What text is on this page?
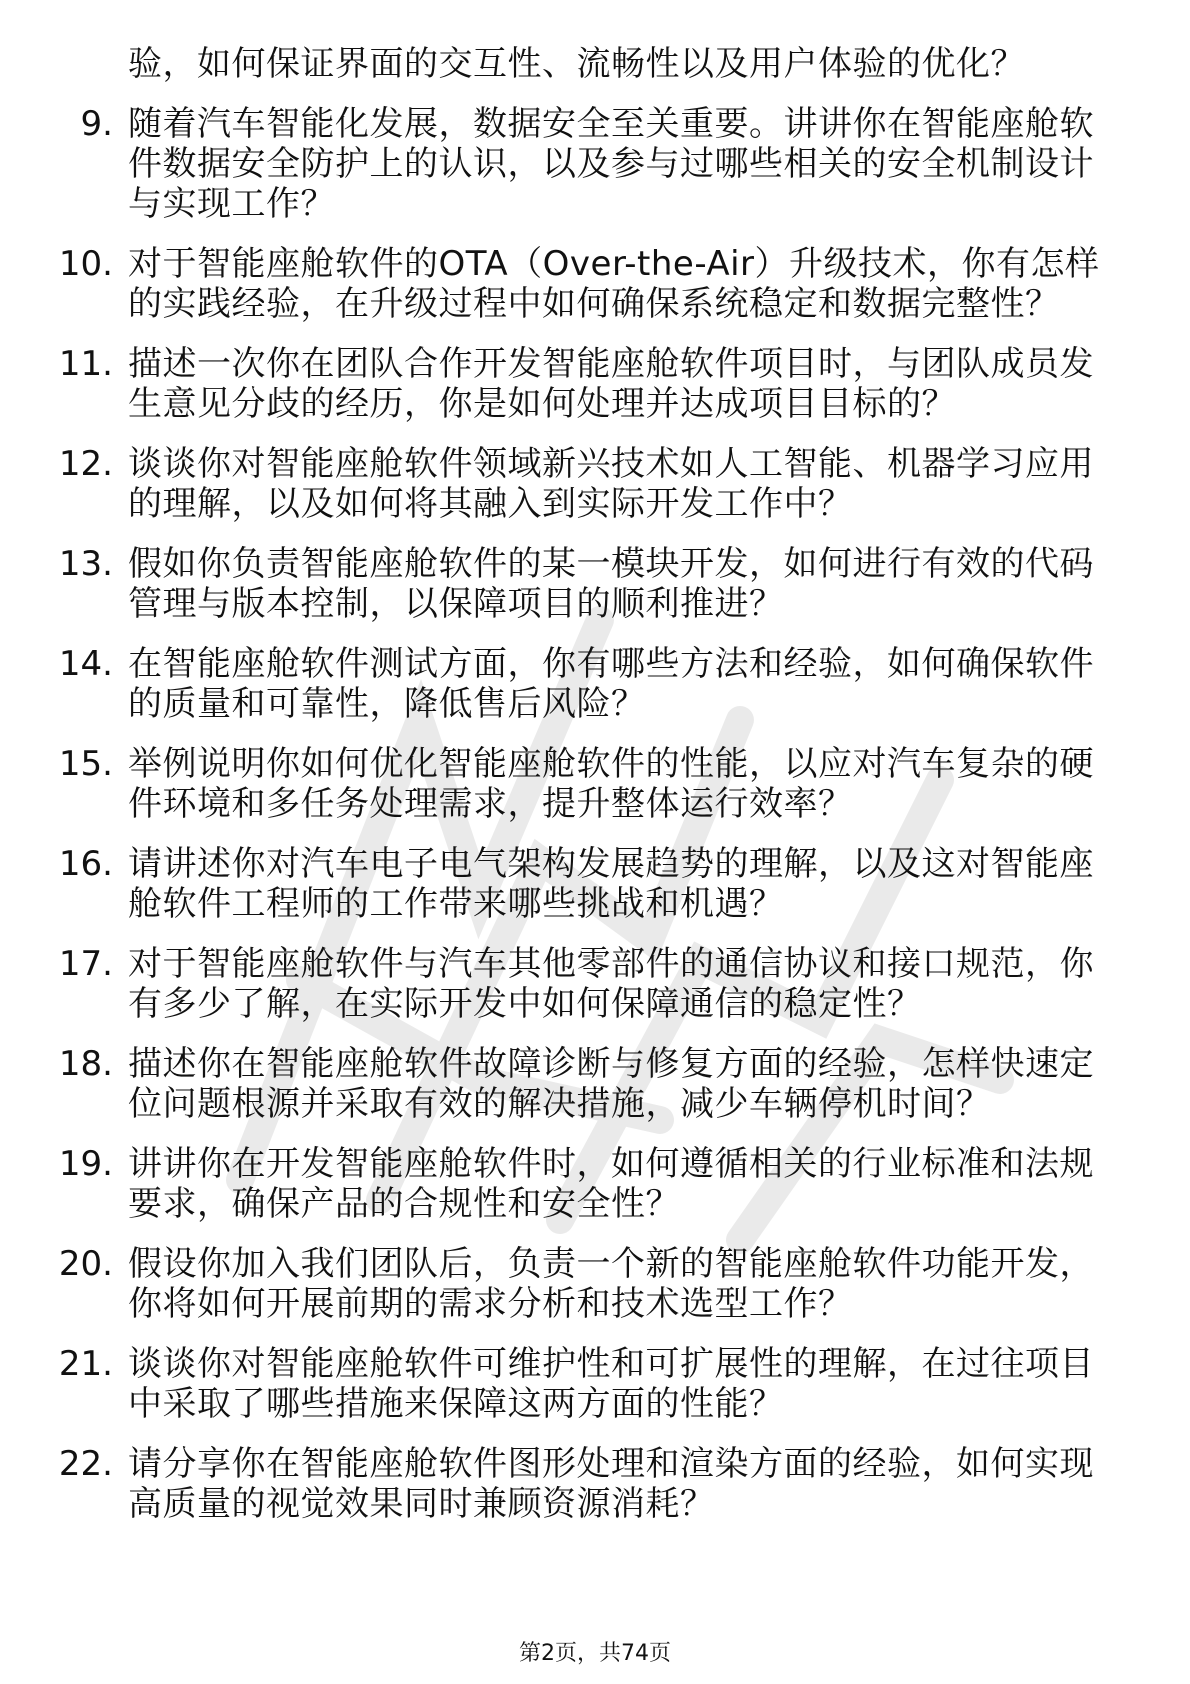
验，如何保证界面的交互性、流畅性以及用户体验的优化？
9. 随着汽车智能化发展，数据安全至关重要。讲讲你在智能座舱软件数据安全防护上的认识，以及参与过哪些相关的安全机制设计与实现工作？
10. 对于智能座舱软件的OTA（Over-the-Air）升级技术，你有怎样的实践经验，在升级过程中如何确保系统稳定和数据完整性？
11. 描述一次你在团队合作开发智能座舱软件项目时，与团队成员发生意见分歧的经历，你是如何处理并达成项目目标的？
12. 谈谈你对智能座舱软件领域新兴技术如人工智能、机器学习应用的理解，以及如何将其融入到实际开发工作中？
13. 假如你负责智能座舱软件的某一模块开发，如何进行有效的代码管理与版本控制，以保障项目的顺利推进？
14. 在智能座舱软件测试方面，你有哪些方法和经验，如何确保软件的质量和可靠性，降低售后风险？
15. 举例说明你如何优化智能座舱软件的性能，以应对汽车复杂的硬件环境和多任务处理需求，提升整体运行效率？
16. 请讲述你对汽车电子电气架构发展趋势的理解，以及这对智能座舱软件工程师的工作带来哪些挑战和机遇？
17. 对于智能座舱软件与汽车其他零部件的通信协议和接口规范，你有多少了解，在实际开发中如何保障通信的稳定性？
18. 描述你在智能座舱软件故障诊断与修复方面的经验，怎样快速定位问题根源并采取有效的解决措施，减少车辆停机时间？
19. 讲讲你在开发智能座舱软件时，如何遵循相关的行业标准和法规要求，确保产品的合规性和安全性？
20. 假设你加入我们团队后，负责一个新的智能座舱软件功能开发，你将如何开展前期的需求分析和技术选型工作？
21. 谈谈你对智能座舱软件可维护性和可扩展性的理解，在过往项目中采取了哪些措施来保障这两方面的性能？
22. 请分享你在智能座舱软件图形处理和渲染方面的经验，如何实现高质量的视觉效果同时兼顾资源消耗？
第2页，共74页
